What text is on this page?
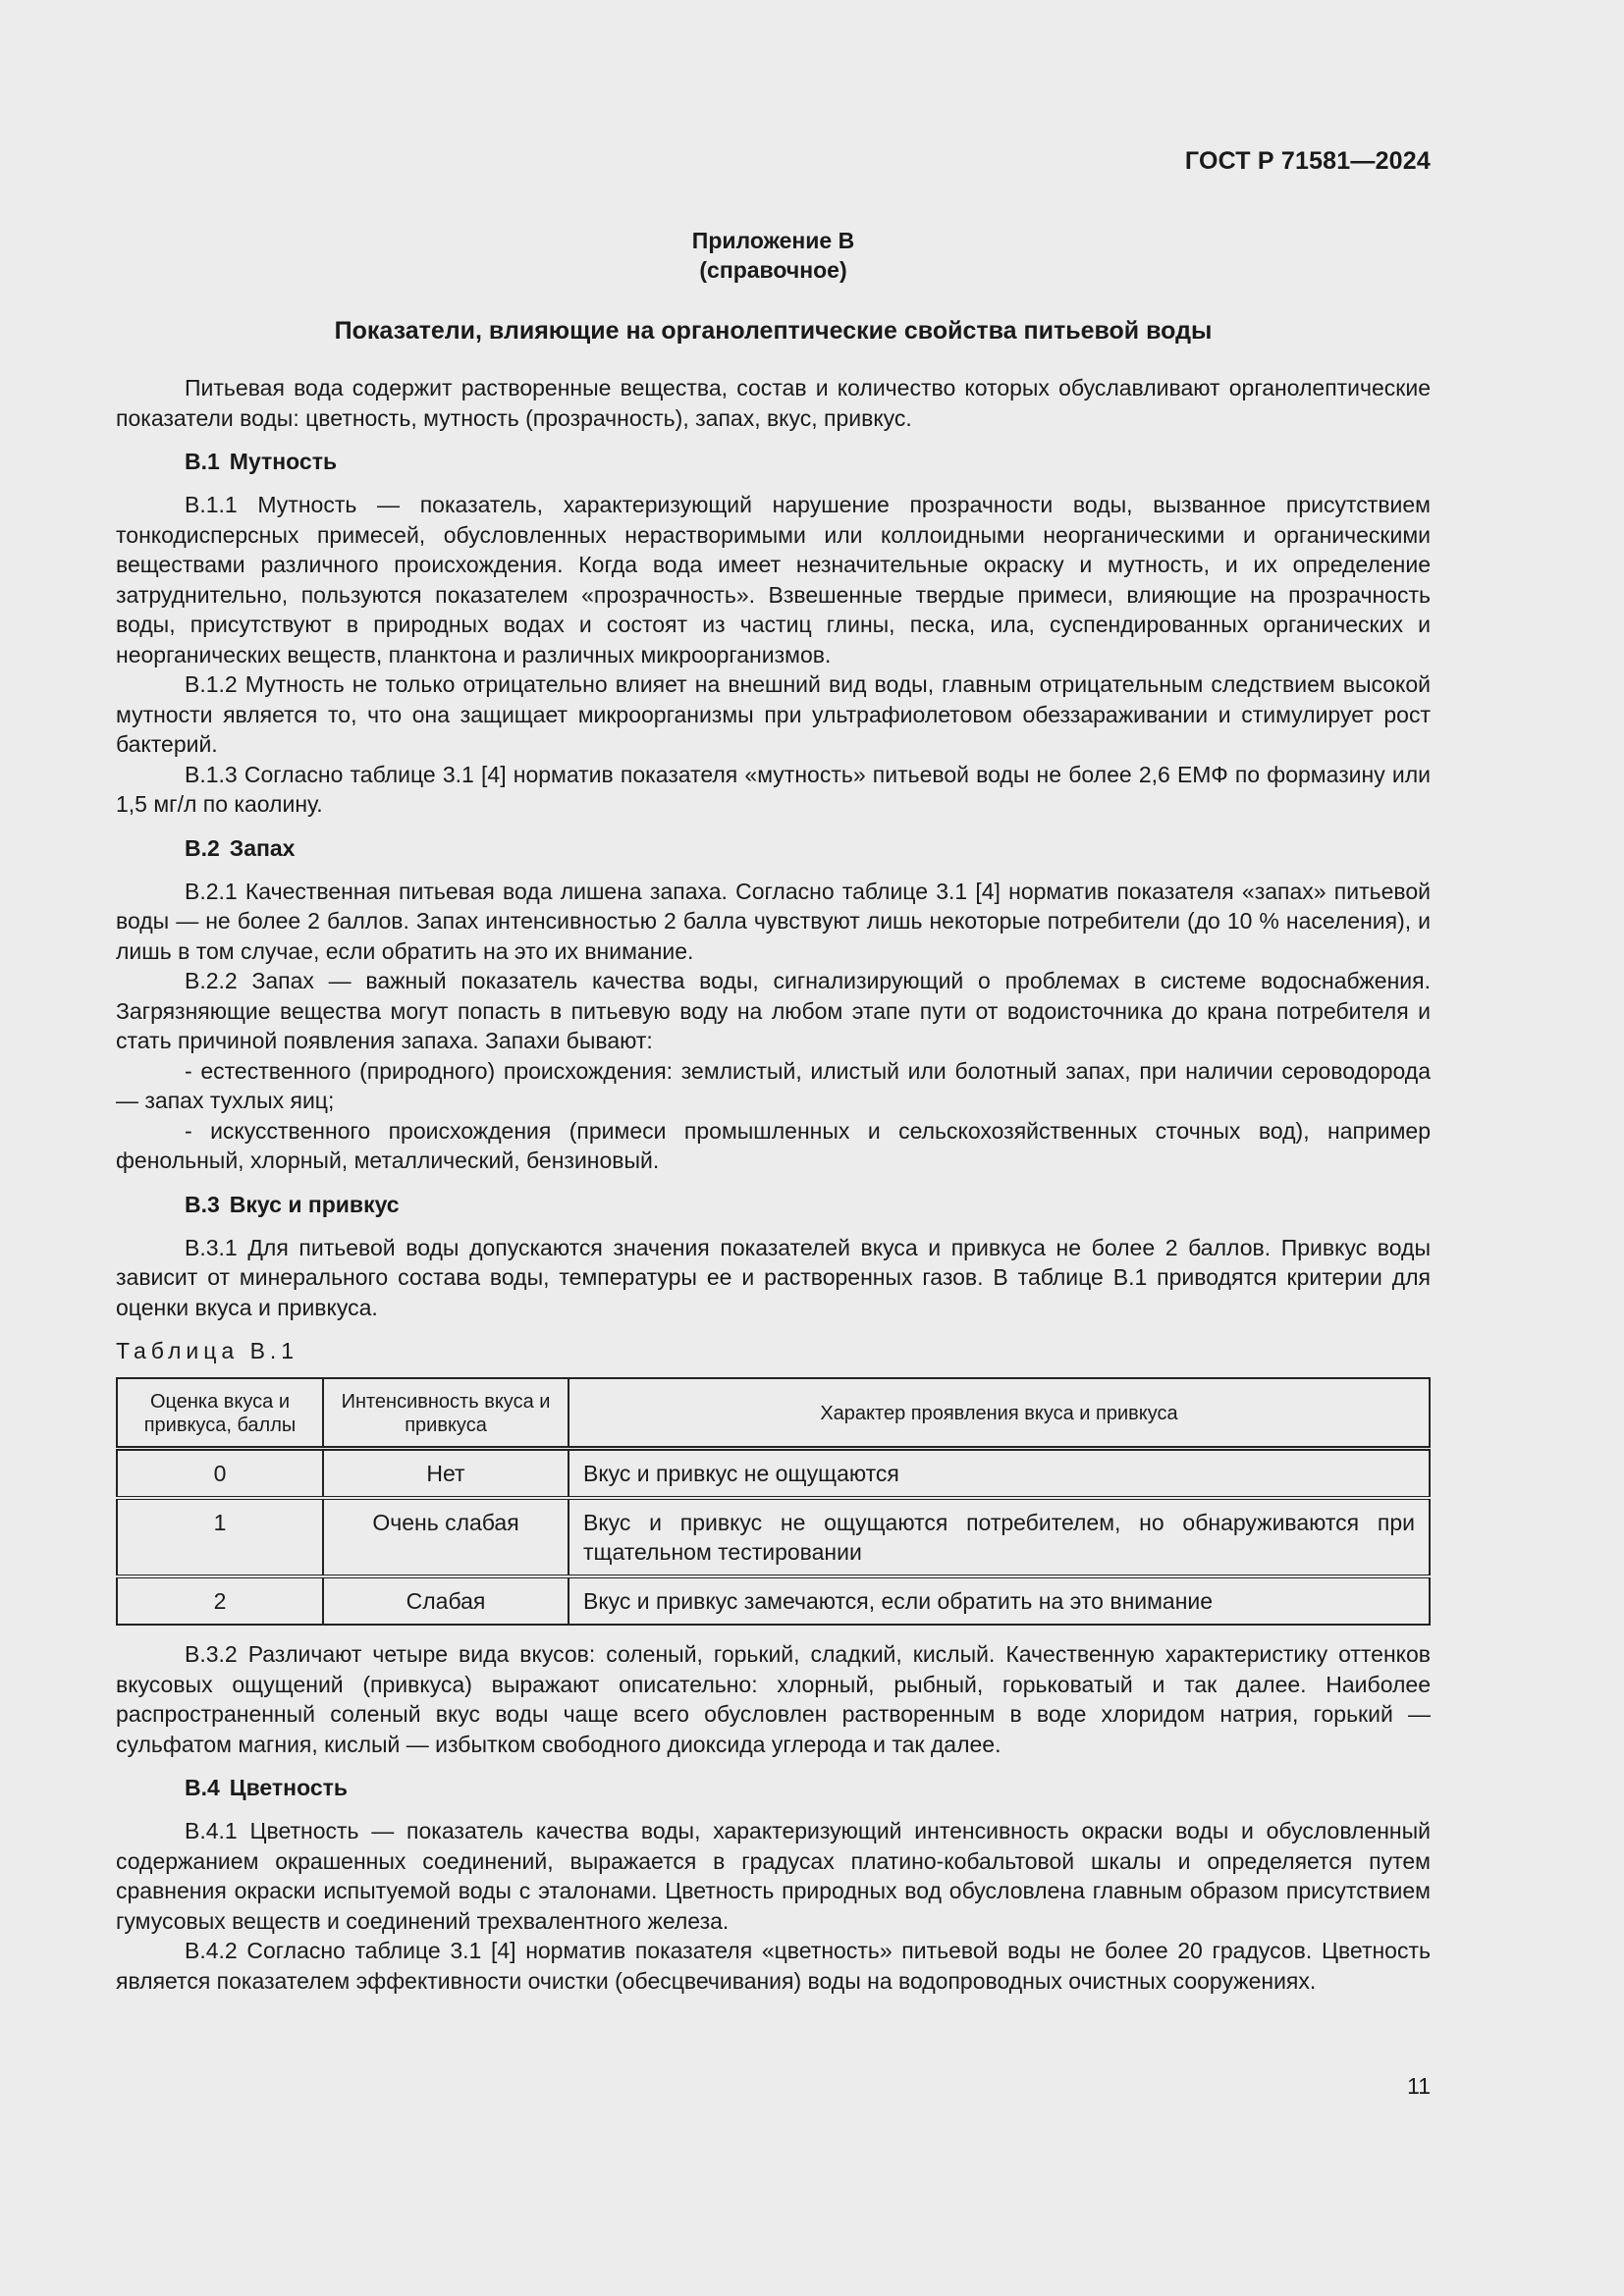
ГОСТ Р 71581—2024
Приложение В
(справочное)
Показатели, влияющие на органолептические свойства питьевой воды

Питьевая вода содержит растворенные вещества, состав и количество которых обуславливают органолептические показатели воды: цветность, мутность (прозрачность), запах, вкус, привкус.

В.1 Мутность

В.1.1 Мутность — показатель, характеризующий нарушение прозрачности воды, вызванное присутствием тонкодисперсных примесей, обусловленных нерастворимыми или коллоидными неорганическими и органическими веществами различного происхождения. Когда вода имеет незначительные окраску и мутность, и их определение затруднительно, пользуются показателем «прозрачность». Взвешенные твердые примеси, влияющие на прозрачность воды, присутствуют в природных водах и состоят из частиц глины, песка, ила, суспендированных органических и неорганических веществ, планктона и различных микроорганизмов.

В.1.2 Мутность не только отрицательно влияет на внешний вид воды, главным отрицательным следствием высокой мутности является то, что она защищает микроорганизмы при ультрафиолетовом обеззараживании и стимулирует рост бактерий.

В.1.3 Согласно таблице 3.1 [4] норматив показателя «мутность» питьевой воды не более 2,6 ЕМФ по формазину или 1,5 мг/л по каолину.

В.2 Запах

В.2.1 Качественная питьевая вода лишена запаха. Согласно таблице 3.1 [4] норматив показателя «запах» питьевой воды — не более 2 баллов. Запах интенсивностью 2 балла чувствуют лишь некоторые потребители (до 10 % населения), и лишь в том случае, если обратить на это их внимание.

В.2.2 Запах — важный показатель качества воды, сигнализирующий о проблемах в системе водоснабжения. Загрязняющие вещества могут попасть в питьевую воду на любом этапе пути от водоисточника до крана потребителя и стать причиной появления запаха. Запахи бывают:

- естественного (природного) происхождения: землистый, илистый или болотный запах, при наличии сероводорода — запах тухлых яиц;

- искусственного происхождения (примеси промышленных и сельскохозяйственных сточных вод), например фенольный, хлорный, металлический, бензиновый.

В.3 Вкус и привкус

В.3.1 Для питьевой воды допускаются значения показателей вкуса и привкуса не более 2 баллов. Привкус воды зависит от минерального состава воды, температуры ее и растворенных газов. В таблице В.1 приводятся критерии для оценки вкуса и привкуса.

Таблица В.1
Оценка вкуса и привкуса, баллы	Интенсивность вкуса и привкуса	Характер проявления вкуса и привкуса
0	Нет	Вкус и привкус не ощущаются
1	Очень слабая	Вкус и привкус не ощущаются потребителем, но обнаруживаются при тщательном тестировании
2	Слабая	Вкус и привкус замечаются, если обратить на это внимание

В.3.2 Различают четыре вида вкусов: соленый, горький, сладкий, кислый. Качественную характеристику оттенков вкусовых ощущений (привкуса) выражают описательно: хлорный, рыбный, горьковатый и так далее. Наиболее распространенный соленый вкус воды чаще всего обусловлен растворенным в воде хлоридом натрия, горький — сульфатом магния, кислый — избытком свободного диоксида углерода и так далее.

В.4 Цветность

В.4.1 Цветность — показатель качества воды, характеризующий интенсивность окраски воды и обусловленный содержанием окрашенных соединений, выражается в градусах платино-кобальтовой шкалы и определяется путем сравнения окраски испытуемой воды с эталонами. Цветность природных вод обусловлена главным образом присутствием гумусовых веществ и соединений трехвалентного железа.

В.4.2 Согласно таблице 3.1 [4] норматив показателя «цветность» питьевой воды не более 20 градусов. Цветность является показателем эффективности очистки (обесцвечивания) воды на водопроводных очистных сооружениях.

11
